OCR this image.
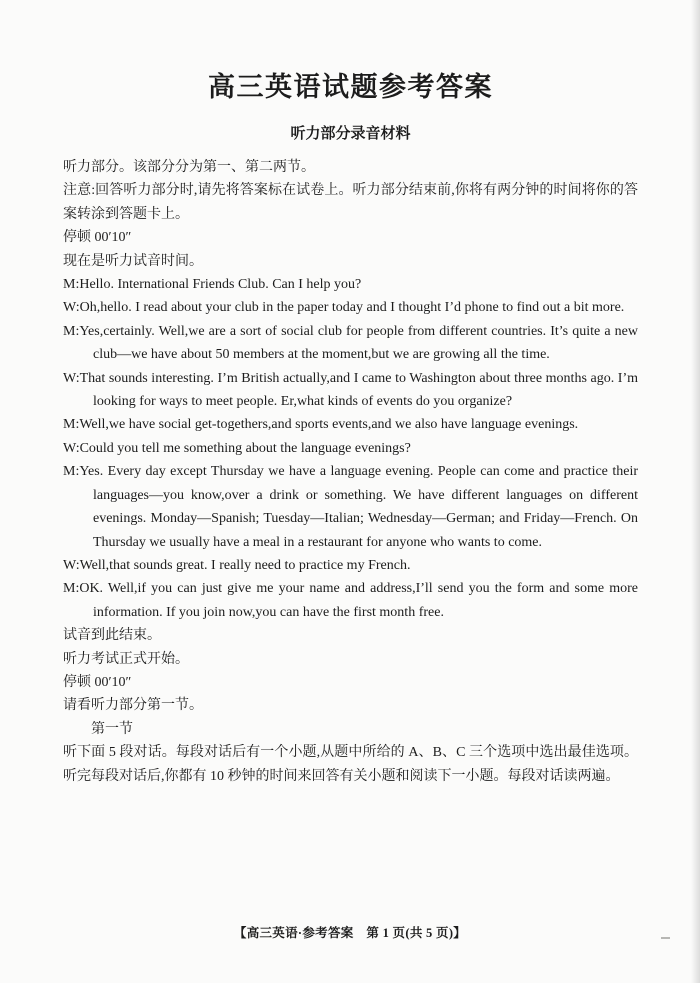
高三英语试题参考答案
听力部分录音材料

听力部分。该部分分为第一、第二两节。

注意:回答听力部分时,请先将答案标在试卷上。听力部分结束前,你将有两分钟的时间将你的答案转涂到答题卡上。

停顿 00′10″

现在是听力试音时间。

M:Hello. International Friends Club. Can I help you?

W:Oh,hello. I read about your club in the paper today and I thought I’d phone to find out a bit more.

M:Yes,certainly. Well,we are a sort of social club for people from different countries. It’s quite a new club—we have about 50 members at the moment,but we are growing all the time.

W:That sounds interesting. I’m British actually,and I came to Washington about three months ago. I’m looking for ways to meet people. Er,what kinds of events do you organize?

M:Well,we have social get-togethers,and sports events,and we also have language evenings.

W:Could you tell me something about the language evenings?

M:Yes. Every day except Thursday we have a language evening. People can come and practice their languages—you know,over a drink or something. We have different languages on different evenings. Monday—Spanish; Tuesday—Italian; Wednesday—German; and Friday—French. On Thursday we usually have a meal in a restaurant for anyone who wants to come.

W:Well,that sounds great. I really need to practice my French.

M:OK. Well,if you can just give me your name and address,I’ll send you the form and some more information. If you join now,you can have the first month free.

试音到此结束。

听力考试正式开始。

停顿 00′10″

请看听力部分第一节。

第一节

听下面 5 段对话。每段对话后有一个小题,从题中所给的 A、B、C 三个选项中选出最佳选项。听完每段对话后,你都有 10 秒钟的时间来回答有关小题和阅读下一小题。每段对话读两遍。

【高三英语·参考答案　第 1 页(共 5 页)】
